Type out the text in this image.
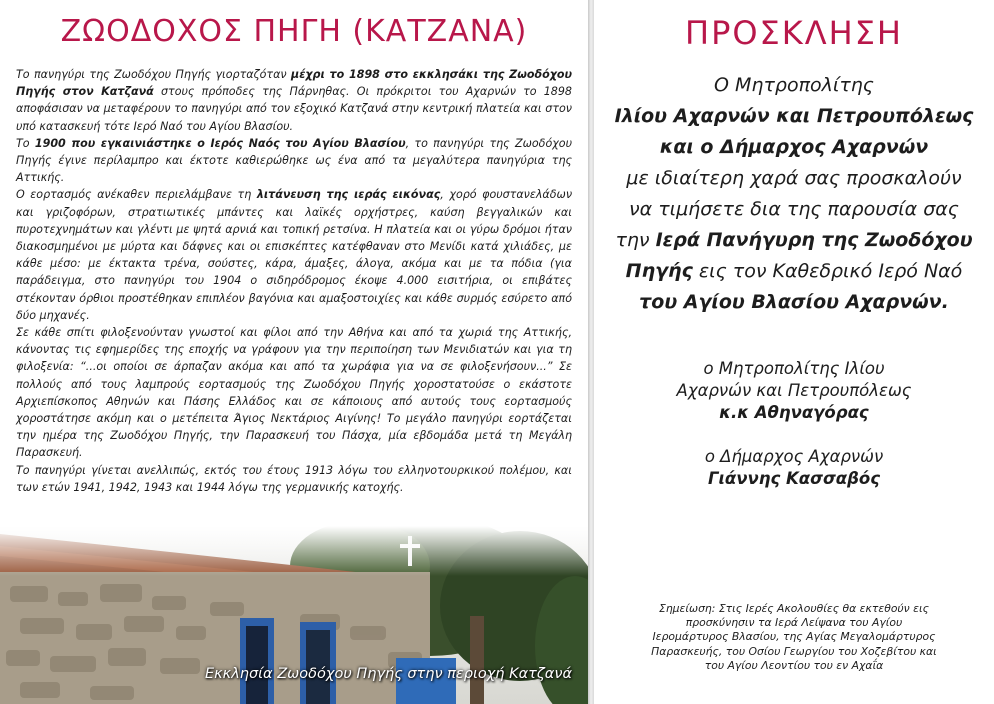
ΖΩΟΔΟΧΟΣ ΠΗΓΗ (ΚΑΤΖΑΝΑ)

Το πανηγύρι της Ζωοδόχου Πηγής γιορταζόταν μέχρι το 1898 στο εκκλησάκι της Ζωοδόχου Πηγής στον Κατζανά στους πρόποδες της Πάρνηθας. Οι πρόκριτοι του Αχαρνών το 1898 αποφάσισαν να μεταφέρουν το πανηγύρι από τον εξοχικό Κατζανά στην κεντρική πλατεία και στον υπό κατασκευή τότε Ιερό Ναό του Αγίου Βλασίου.

Το 1900 που εγκαινιάστηκε ο Ιερός Ναός του Αγίου Βλασίου, το πανηγύρι της Ζωοδόχου Πηγής έγινε περίλαμπρο και έκτοτε καθιερώθηκε ως ένα από τα μεγαλύτερα πανηγύρια της Αττικής.

Ο εορτασμός ανέκαθεν περιελάμβανε τη λιτάνευση της ιεράς εικόνας, χορό φουστανελάδων και γριζοφόρων, στρατιωτικές μπάντες και λαϊκές ορχήστρες, καύση βεγγαλικών και πυροτεχνημάτων και γλέντι με ψητά αρνιά και τοπική ρετσίνα. Η πλατεία και οι γύρω δρόμοι ήταν διακοσμημένοι με μύρτα και δάφνες και οι επισκέπτες κατέφθαναν στο Μενίδι κατά χιλιάδες, με κάθε μέσο: με έκτακτα τρένα, σούστες, κάρα, άμαξες, άλογα, ακόμα και με τα πόδια (για παράδειγμα, στο πανηγύρι του 1904 ο σιδηρόδρομος έκοψε 4.000 εισιτήρια, οι επιβάτες στέκονταν όρθιοι προστέθηκαν επιπλέον βαγόνια και αμαξοστοιχίες και κάθε συρμός εσύρετο από δύο μηχανές.

Σε κάθε σπίτι φιλοξενούνταν γνωστοί και φίλοι από την Αθήνα και από τα χωριά της Αττικής, κάνοντας τις εφημερίδες της εποχής να γράφουν για την περιποίηση των Μενιδιατών και για τη φιλοξενία: “...οι οποίοι σε άρπαζαν ακόμα και από τα χωράφια για να σε φιλοξενήσουν...” Σε πολλούς από τους λαμπρούς εορτασμούς της Ζωοδόχου Πηγής χοροστατούσε ο εκάστοτε Αρχιεπίσκοπος Αθηνών και Πάσης Ελλάδος και σε κάποιους από αυτούς τους εορτασμούς χοροστάτησε ακόμη και ο μετέπειτα Άγιος Νεκτάριος Αιγίνης! Το μεγάλο πανηγύρι εορτάζεται την ημέρα της Ζωοδόχου Πηγής, την Παρασκευή του Πάσχα, μία εβδομάδα μετά τη Μεγάλη Παρασκευή.

Το πανηγύρι γίνεται ανελλιπώς, εκτός του έτους 1913 λόγω του ελληνοτουρκικού πολέμου, και των ετών 1941, 1942, 1943 και 1944 λόγω της γερμανικής κατοχής.

Εκκλησία Ζωοδόχου Πηγής στην περιοχή Κατζανά
ΠΡΟΣΚΛΗΣΗ
Ο Μητροπολίτης
Ιλίου Αχαρνών και Πετρουπόλεως
και ο Δήμαρχος Αχαρνών
με ιδιαίτερη χαρά σας προσκαλούν
να τιμήσετε δια της παρουσία σας
την Ιερά Πανήγυρη της Ζωοδόχου
Πηγής εις τον Καθεδρικό Ιερό Ναό
του Αγίου Βλασίου Αχαρνών.
ο Μητροπολίτης Ιλίου
Αχαρνών και Πετρουπόλεως
κ.κ Αθηναγόρας
ο Δήμαρχος Αχαρνών
Γιάννης Κασσαβός
Σημείωση: Στις Ιερές Ακολουθίες θα εκτεθούν εις
προσκύνησιν τα Ιερά Λείψανα του Αγίου
Ιερομάρτυρος Βλασίου, της Αγίας Μεγαλομάρτυρος
Παρασκευής, του Οσίου Γεωργίου του Χοζεβίτου και
του Αγίου Λεοντίου του εν Αχαΐα
